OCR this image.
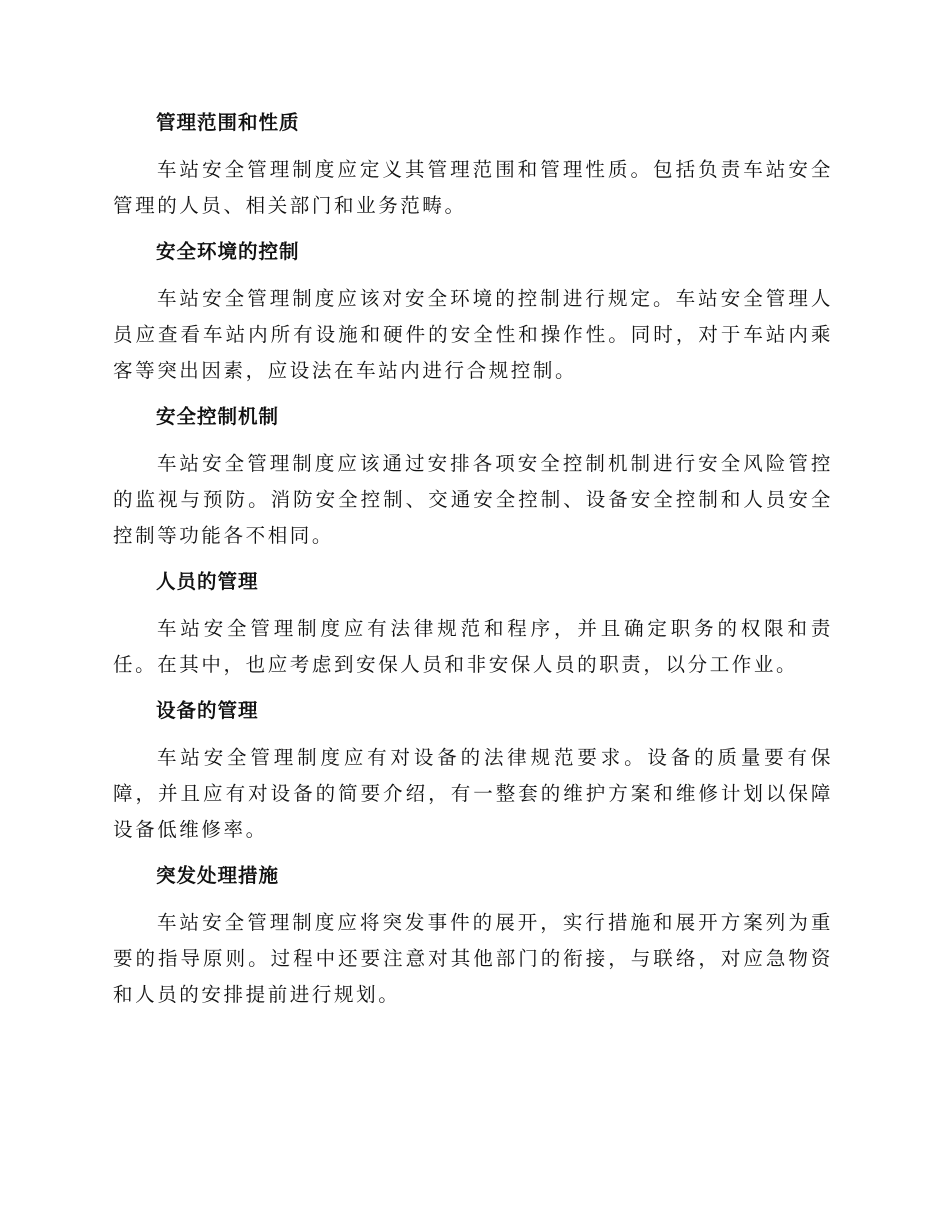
管理范围和性质

车站安全管理制度应定义其管理范围和管理性质。包括负责车站安全管理的人员、相关部门和业务范畴。

安全环境的控制

车站安全管理制度应该对安全环境的控制进行规定。车站安全管理人员应查看车站内所有设施和硬件的安全性和操作性。同时，对于车站内乘客等突出因素，应设法在车站内进行合规控制。

安全控制机制

车站安全管理制度应该通过安排各项安全控制机制进行安全风险管控的监视与预防。消防安全控制、交通安全控制、设备安全控制和人员安全控制等功能各不相同。

人员的管理

车站安全管理制度应有法律规范和程序，并且确定职务的权限和责任。在其中，也应考虑到安保人员和非安保人员的职责，以分工作业。

设备的管理

车站安全管理制度应有对设备的法律规范要求。设备的质量要有保障，并且应有对设备的简要介绍，有一整套的维护方案和维修计划以保障设备低维修率。

突发处理措施

车站安全管理制度应将突发事件的展开，实行措施和展开方案列为重要的指导原则。过程中还要注意对其他部门的衔接，与联络，对应急物资和人员的安排提前进行规划。
